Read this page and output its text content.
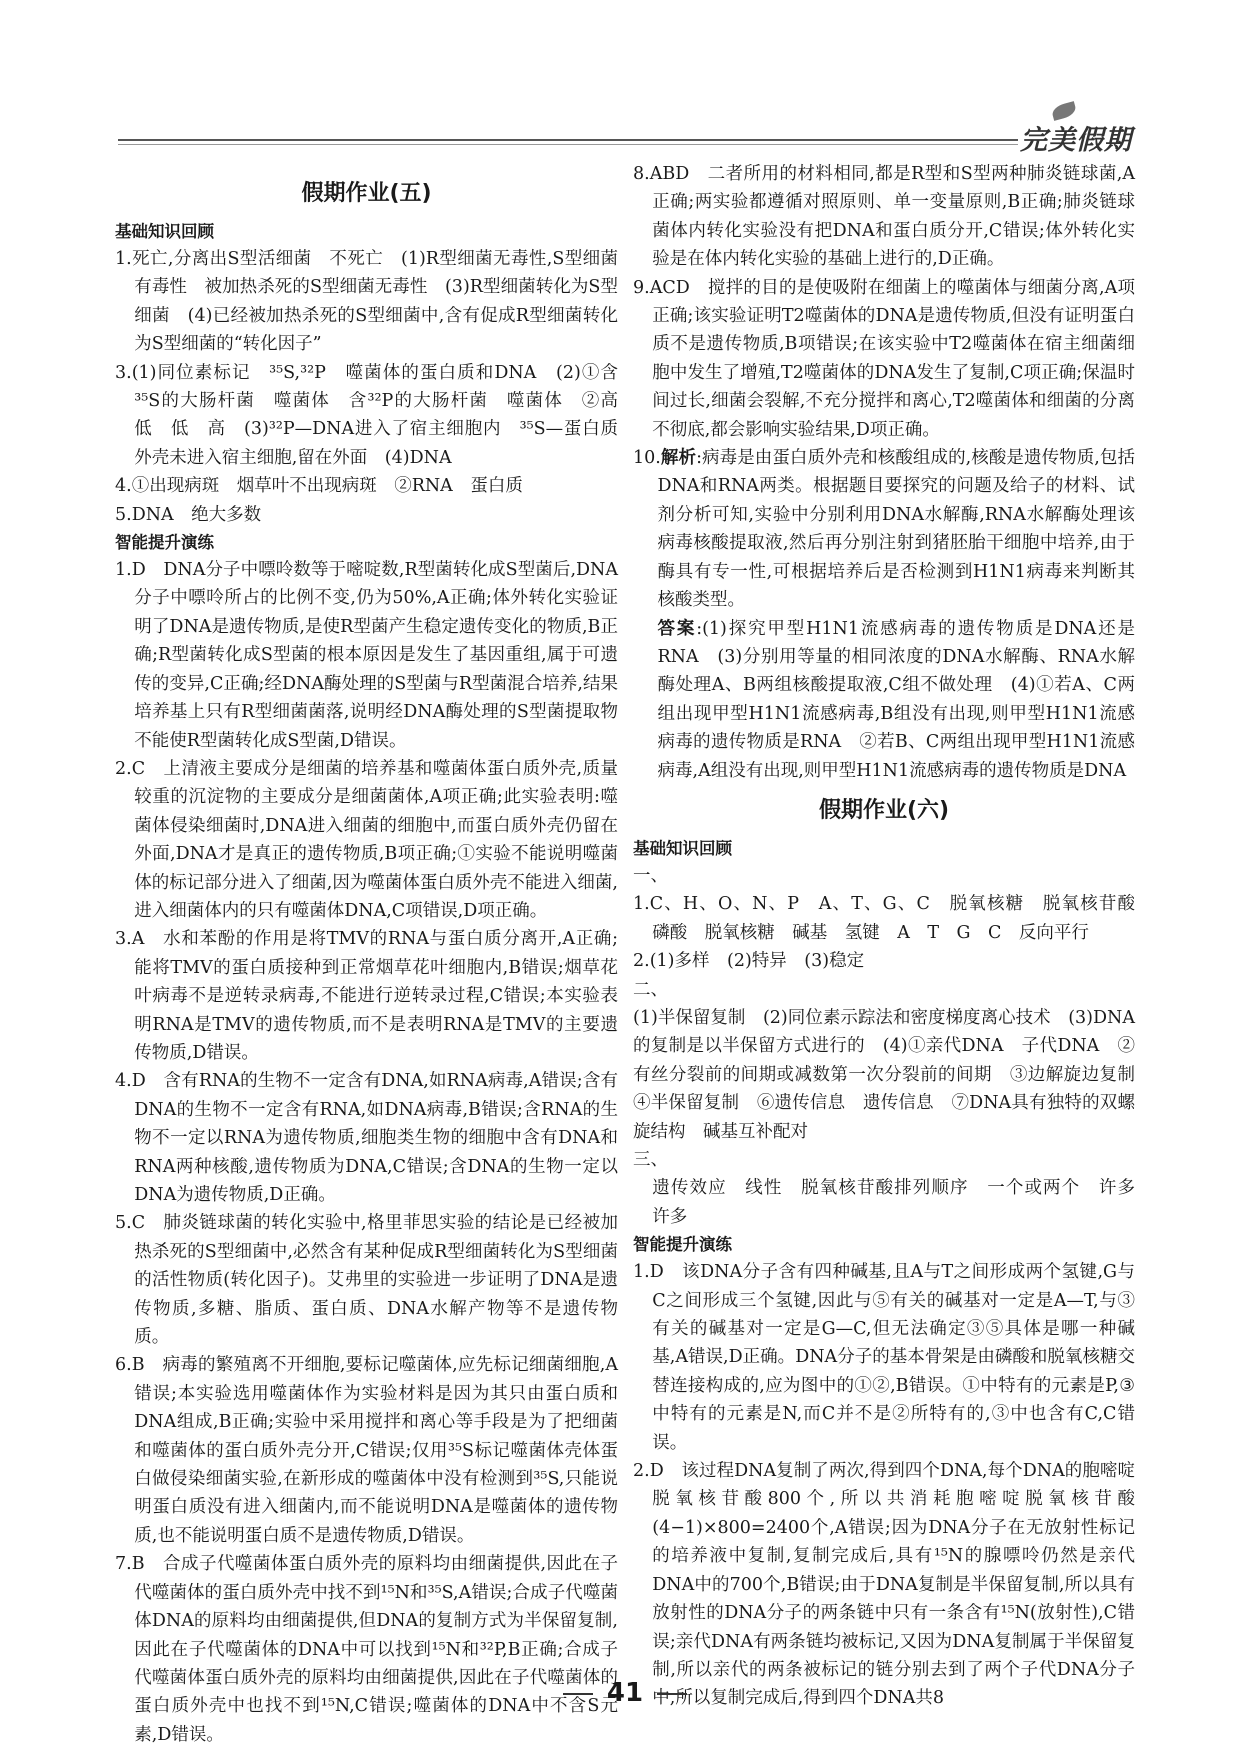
完美假期
假期作业(五)
基础知识回顾

1.死亡,分离出S型活细菌　不死亡　(1)R型细菌无毒性,S型细菌有毒性　被加热杀死的S型细菌无毒性　(3)R型细菌转化为S型细菌　(4)已经被加热杀死的S型细菌中,含有促成R型细菌转化为S型细菌的“转化因子”

3.(1)同位素标记　³⁵S,³²P　噬菌体的蛋白质和DNA　(2)①含³⁵S的大肠杆菌　噬菌体　含³²P的大肠杆菌　噬菌体　②高　低　低　高　(3)³²P—DNA进入了宿主细胞内　³⁵S—蛋白质外壳未进入宿主细胞,留在外面　(4)DNA

4.①出现病斑　烟草叶不出现病斑　②RNA　蛋白质

5.DNA　绝大多数

智能提升演练

1.D　DNA分子中嘌呤数等于嘧啶数,R型菌转化成S型菌后,DNA分子中嘌呤所占的比例不变,仍为50%,A正确;体外转化实验证明了DNA是遗传物质,是使R型菌产生稳定遗传变化的物质,B正确;R型菌转化成S型菌的根本原因是发生了基因重组,属于可遗传的变异,C正确;经DNA酶处理的S型菌与R型菌混合培养,结果培养基上只有R型细菌菌落,说明经DNA酶处理的S型菌提取物不能使R型菌转化成S型菌,D错误。

2.C　上清液主要成分是细菌的培养基和噬菌体蛋白质外壳,质量较重的沉淀物的主要成分是细菌菌体,A项正确;此实验表明:噬菌体侵染细菌时,DNA进入细菌的细胞中,而蛋白质外壳仍留在外面,DNA才是真正的遗传物质,B项正确;①实验不能说明噬菌体的标记部分进入了细菌,因为噬菌体蛋白质外壳不能进入细菌,进入细菌体内的只有噬菌体DNA,C项错误,D项正确。

3.A　水和苯酚的作用是将TMV的RNA与蛋白质分离开,A正确;能将TMV的蛋白质接种到正常烟草花叶细胞内,B错误;烟草花叶病毒不是逆转录病毒,不能进行逆转录过程,C错误;本实验表明RNA是TMV的遗传物质,而不是表明RNA是TMV的主要遗传物质,D错误。

4.D　含有RNA的生物不一定含有DNA,如RNA病毒,A错误;含有DNA的生物不一定含有RNA,如DNA病毒,B错误;含RNA的生物不一定以RNA为遗传物质,细胞类生物的细胞中含有DNA和RNA两种核酸,遗传物质为DNA,C错误;含DNA的生物一定以DNA为遗传物质,D正确。

5.C　肺炎链球菌的转化实验中,格里菲思实验的结论是已经被加热杀死的S型细菌中,必然含有某种促成R型细菌转化为S型细菌的活性物质(转化因子)。艾弗里的实验进一步证明了DNA是遗传物质,多糖、脂质、蛋白质、DNA水解产物等不是遗传物质。

6.B　病毒的繁殖离不开细胞,要标记噬菌体,应先标记细菌细胞,A错误;本实验选用噬菌体作为实验材料是因为其只由蛋白质和DNA组成,B正确;实验中采用搅拌和离心等手段是为了把细菌和噬菌体的蛋白质外壳分开,C错误;仅用³⁵S标记噬菌体壳体蛋白做侵染细菌实验,在新形成的噬菌体中没有检测到³⁵S,只能说明蛋白质没有进入细菌内,而不能说明DNA是噬菌体的遗传物质,也不能说明蛋白质不是遗传物质,D错误。

7.B　合成子代噬菌体蛋白质外壳的原料均由细菌提供,因此在子代噬菌体的蛋白质外壳中找不到¹⁵N和³⁵S,A错误;合成子代噬菌体DNA的原料均由细菌提供,但DNA的复制方式为半保留复制,因此在子代噬菌体的DNA中可以找到¹⁵N和³²P,B正确;合成子代噬菌体蛋白质外壳的原料均由细菌提供,因此在子代噬菌体的蛋白质外壳中也找不到¹⁵N,C错误;噬菌体的DNA中不含S元素,D错误。

8.ABD　二者所用的材料相同,都是R型和S型两种肺炎链球菌,A正确;两实验都遵循对照原则、单一变量原则,B正确;肺炎链球菌体内转化实验没有把DNA和蛋白质分开,C错误;体外转化实验是在体内转化实验的基础上进行的,D正确。

9.ACD　搅拌的目的是使吸附在细菌上的噬菌体与细菌分离,A项正确;该实验证明T2噬菌体的DNA是遗传物质,但没有证明蛋白质不是遗传物质,B项错误;在该实验中T2噬菌体在宿主细菌细胞中发生了增殖,T2噬菌体的DNA发生了复制,C项正确;保温时间过长,细菌会裂解,不充分搅拌和离心,T2噬菌体和细菌的分离不彻底,都会影响实验结果,D项正确。

10.解析:病毒是由蛋白质外壳和核酸组成的,核酸是遗传物质,包括DNA和RNA两类。根据题目要探究的问题及给子的材料、试剂分析可知,实验中分别利用DNA水解酶,RNA水解酶处理该病毒核酸提取液,然后再分别注射到猪胚胎干细胞中培养,由于酶具有专一性,可根据培养后是否检测到H1N1病毒来判断其核酸类型。

答案:(1)探究甲型H1N1流感病毒的遗传物质是DNA还是RNA　(3)分别用等量的相同浓度的DNA水解酶、RNA水解酶处理A、B两组核酸提取液,C组不做处理　(4)①若A、C两组出现甲型H1N1流感病毒,B组没有出现,则甲型H1N1流感病毒的遗传物质是RNA　②若B、C两组出现甲型H1N1流感病毒,A组没有出现,则甲型H1N1流感病毒的遗传物质是DNA

假期作业(六)
基础知识回顾

一、

1.C、H、O、N、P　A、T、G、C　脱氧核糖　脱氧核苷酸　磷酸　脱氧核糖　碱基　氢键　A　T　G　C　反向平行

2.(1)多样　(2)特异　(3)稳定

二、

(1)半保留复制　(2)同位素示踪法和密度梯度离心技术　(3)DNA的复制是以半保留方式进行的　(4)①亲代DNA　子代DNA　②有丝分裂前的间期或减数第一次分裂前的间期　③边解旋边复制　④半保留复制　⑥遗传信息　遗传信息　⑦DNA具有独特的双螺旋结构　碱基互补配对

三、

遗传效应　线性　脱氧核苷酸排列顺序　一个或两个　许多　许多

智能提升演练

1.D　该DNA分子含有四种碱基,且A与T之间形成两个氢键,G与C之间形成三个氢键,因此与⑤有关的碱基对一定是A—T,与③有关的碱基对一定是G—C,但无法确定③⑤具体是哪一种碱基,A错误,D正确。DNA分子的基本骨架是由磷酸和脱氧核糖交替连接构成的,应为图中的①②,B错误。①中特有的元素是P,③中特有的元素是N,而C并不是②所特有的,③中也含有C,C错误。

2.D　该过程DNA复制了两次,得到四个DNA,每个DNA的胞嘧啶脱氧核苷酸800个,所以共消耗胞嘧啶脱氧核苷酸(4−1)×800=2400个,A错误;因为DNA分子在无放射性标记的培养液中复制,复制完成后,具有¹⁵N的腺嘌呤仍然是亲代DNA中的700个,B错误;由于DNA复制是半保留复制,所以具有放射性的DNA分子的两条链中只有一条含有¹⁵N(放射性),C错误;亲代DNA有两条链均被标记,又因为DNA复制属于半保留复制,所以亲代的两条被标记的链分别去到了两个子代DNA分子中,所以复制完成后,得到四个DNA共8

41
